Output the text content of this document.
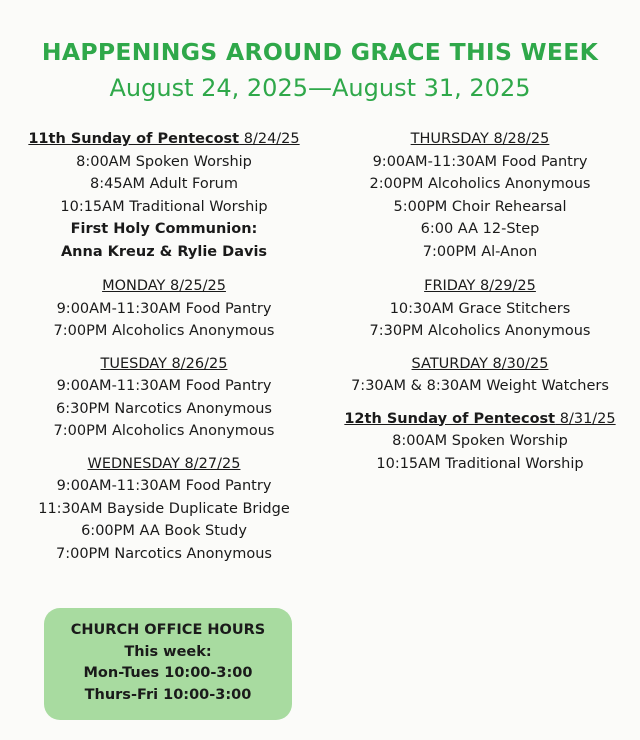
HAPPENINGS AROUND GRACE THIS WEEK
August 24, 2025—August 31, 2025
11th Sunday of Pentecost 8/24/25
8:00AM Spoken Worship
8:45AM Adult Forum
10:15AM Traditional Worship
First Holy Communion:
Anna Kreuz & Rylie Davis
MONDAY 8/25/25
9:00AM-11:30AM Food Pantry
7:00PM Alcoholics Anonymous
TUESDAY 8/26/25
9:00AM-11:30AM Food Pantry
6:30PM Narcotics Anonymous
7:00PM Alcoholics Anonymous
WEDNESDAY 8/27/25
9:00AM-11:30AM Food Pantry
11:30AM Bayside Duplicate Bridge
6:00PM AA Book Study
7:00PM Narcotics Anonymous
THURSDAY 8/28/25
9:00AM-11:30AM Food Pantry
2:00PM Alcoholics Anonymous
5:00PM Choir Rehearsal
6:00 AA 12-Step
7:00PM Al-Anon
FRIDAY 8/29/25
10:30AM Grace Stitchers
7:30PM Alcoholics Anonymous
SATURDAY 8/30/25
7:30AM & 8:30AM Weight Watchers
12th Sunday of Pentecost 8/31/25
8:00AM Spoken Worship
10:15AM Traditional Worship
CHURCH OFFICE HOURS
This week:
Mon-Tues 10:00-3:00
Thurs-Fri 10:00-3:00
